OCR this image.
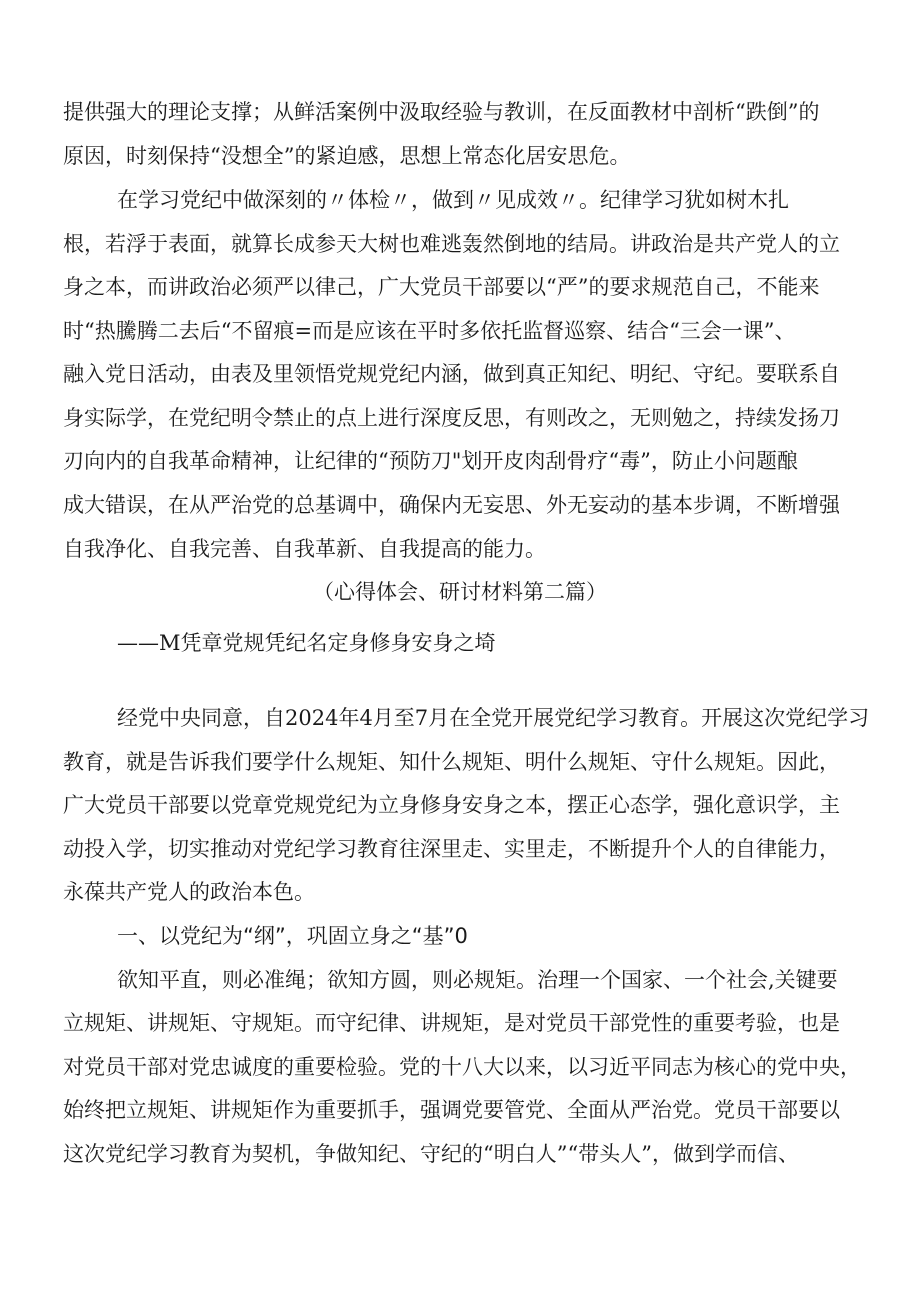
提供强大的理论支撑；从鲜活案例中汲取经验与教训，在反面教材中剖析“跌倒”的
原因，时刻保持“没想全”的紧迫感，思想上常态化居安思危。
在学习党纪中做深刻的〃体检〃，做到〃见成效〃。纪律学习犹如树木扎
根，若浮于表面，就算长成参天大树也难逃轰然倒地的结局。讲政治是共产党人的立
身之本，而讲政治必须严以律己，广大党员干部要以“严”的要求规范自己，不能来
时“热騰腾二去后“不留痕=而是应该在平时多依托监督巡察、结合“三会一课”、
融入党日活动，由表及里领悟党规党纪内涵，做到真正知纪、明纪、守纪。要联系自
身实际学，在党纪明令禁止的点上进行深度反思，有则改之，无则勉之，持续发扬刀
刃向内的自我革命精神，让纪律的“预防刀"划开皮肉刮骨疗“毒”，防止小问题酿
成大错误，在从严治党的总基调中，确保内无妄思、外无妄动的基本步调，不断增强
自我净化、自我完善、自我革新、自我提高的能力。
（心得体会、研讨材料第二篇）
——M凭章党规凭纪名定身修身安身之埼
经党中央同意，自2024年4月至7月在全党开展党纪学习教育。开展这次党纪学习
教育，就是告诉我们要学什么规矩、知什么规矩、明什么规矩、守什么规矩。因此，
广大党员干部要以党章党规党纪为立身修身安身之本，摆正心态学，强化意识学，主
动投入学，切实推动对党纪学习教育往深里走、实里走，不断提升个人的自律能力，
永葆共产党人的政治本色。
一、以党纪为“纲”，巩固立身之“基”0
欲知平直，则必准绳；欲知方圆，则必规矩。治理一个国家、一个社会,关键要
立规矩、讲规矩、守规矩。而守纪律、讲规矩，是对党员干部党性的重要考验，也是
对党员干部对党忠诚度的重要检验。党的十八大以来，以习近平同志为核心的党中央，
始终把立规矩、讲规矩作为重要抓手，强调党要管党、全面从严治党。党员干部要以
这次党纪学习教育为契机，争做知纪、守纪的“明白人”“带头人”，做到学而信、
